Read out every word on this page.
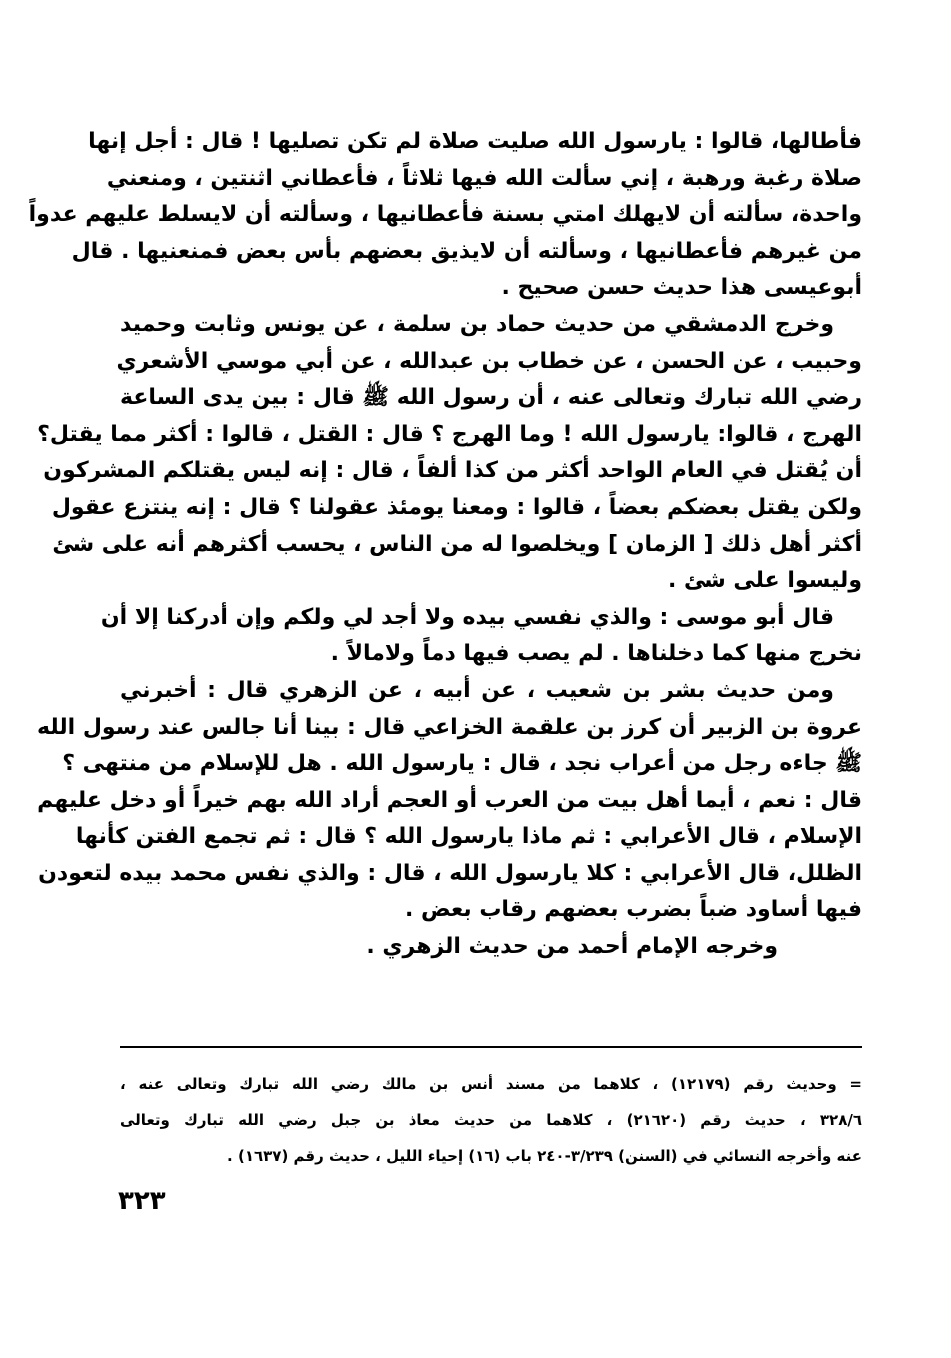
فأطالها، قالوا : يارسول الله صليت صلاة لم تكن تصليها ! قال : أجل إنها
صلاة رغبة ورهبة ، إني سألت الله فيها ثلاثاً ، فأعطاني اثنتين ، ومنعني
واحدة، سألته أن لايهلك امتي بسنة فأعطانيها ، وسألته أن لايسلط عليهم عدواً
من غيرهم فأعطانيها ، وسألته أن لايذيق بعضهم بأس بعض فمنعنيها . قال
أبوعيسى هذا حديث حسن صحيح .
وخرج الدمشقي من حديث حماد بن سلمة ، عن يونس وثابت وحميد
وحبيب ، عن الحسن ، عن خطاب بن عبدالله ، عن أبي موسي الأشعري
رضي الله تبارك وتعالى عنه ، أن رسول الله ﷺ قال : بين يدى الساعة
الهرج ، قالوا: يارسول الله ! وما الهرج ؟ قال : القتل ، قالوا : أكثر مما يقتل؟
أن يُقتل في العام الواحد أكثر من كذا ألفاً ، قال : إنه ليس يقتلكم المشركون
ولكن يقتل بعضكم بعضاً ، قالوا : ومعنا يومئذ عقولنا ؟ قال : إنه ينتزع عقول
أكثر أهل ذلك [ الزمان ] ويخلصوا له من الناس ، يحسب أكثرهم أنه على شئ
وليسوا على شئ .
قال أبو موسى : والذي نفسي بيده ولا أجد لي ولكم وإن أدركنا إلا أن
نخرج منها كما دخلناها . لم يصب فيها دماً ولامالاً .
ومن حديث بشر بن شعيب ، عن أبيه ، عن الزهري قال : أخبرني
عروة بن الزبير أن كرز بن علقمة الخزاعي قال : بينا أنا جالس عند رسول الله
ﷺ جاءه رجل من أعراب نجد ، قال : يارسول الله . هل للإسلام من منتهى ؟
قال : نعم ، أيما أهل بيت من العرب أو العجم أراد الله بهم خيراً أو دخل عليهم
الإسلام ، قال الأعرابي : ثم ماذا يارسول الله ؟ قال : ثم تجمع الفتن كأنها
الظلل، قال الأعرابي : كلا يارسول الله ، قال : والذي نفس محمد بيده لتعودن
فيها أساود ضباً بضرب بعضهم رقاب بعض .
وخرجه الإمام أحمد من حديث الزهري .
= وحديث رقم (١٢١٧٩) ، كلاهما من مسند أنس بن مالك رضي الله تبارك وتعالى عنه ،
٣٢٨/٦ ، حديث رقم (٢١٦٢٠) ، كلاهما من حديث معاذ بن جبل رضي الله تبارك وتعالى
عنه وأخرجه النسائي في (السنن) ٣/٢٣٩-٢٤٠ باب (١٦) إحياء الليل ، حديث رقم (١٦٣٧) .
٣٢٣
